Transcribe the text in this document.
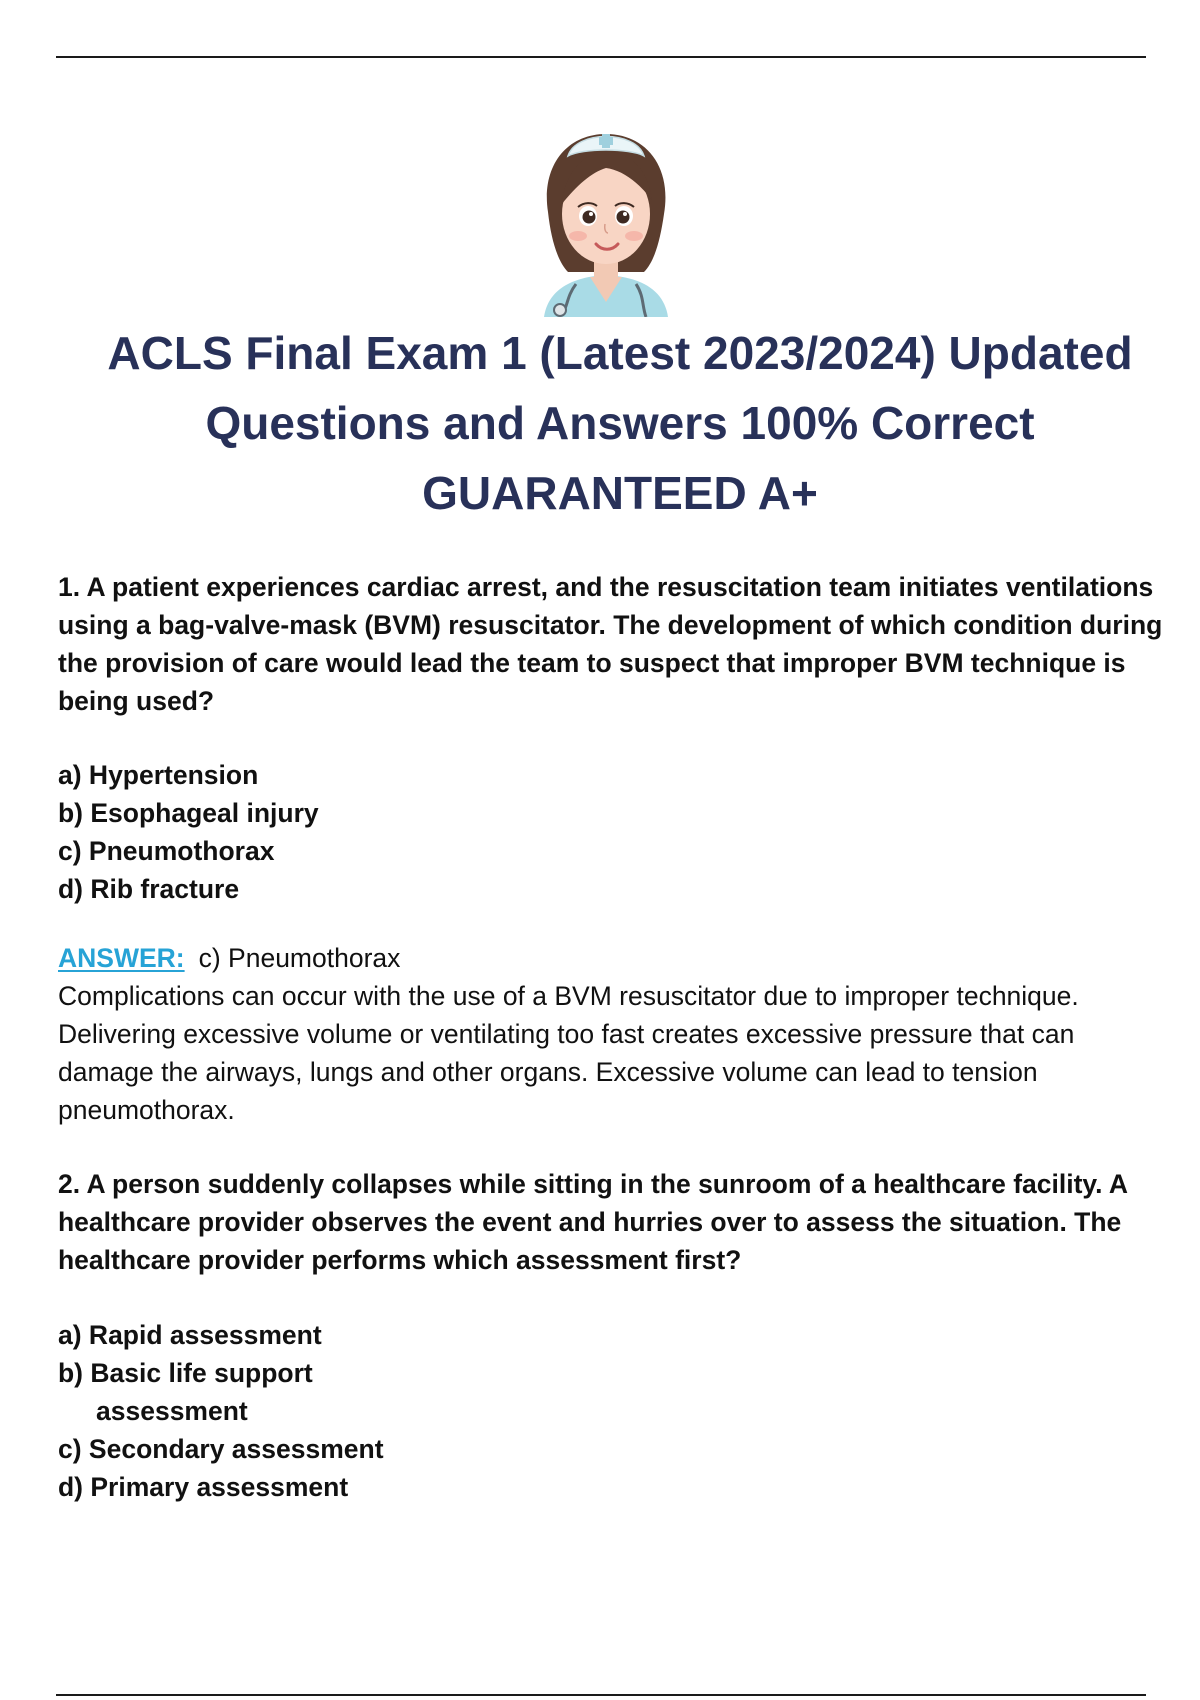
ACLS Final Exam 1 (Latest 2023/2024) Updated
Questions and Answers 100% Correct
GUARANTEED A+

1. A patient experiences cardiac arrest, and the resuscitation team initiates ventilations using a bag-valve-mask (BVM) resuscitator. The development of which condition during the provision of care would lead the team to suspect that improper BVM technique is being used?

a) Hypertension
b) Esophageal injury
c) Pneumothorax
d) Rib fracture
ANSWER: c) Pneumothorax

Complications can occur with the use of a BVM resuscitator due to improper technique. Delivering excessive volume or ventilating too fast creates excessive pressure that can damage the airways, lungs and other organs. Excessive volume can lead to tension pneumothorax.

2. A person suddenly collapses while sitting in the sunroom of a healthcare facility. A healthcare provider observes the event and hurries over to assess the situation. The healthcare provider performs which assessment first?

a) Rapid assessment
b) Basic life support
assessment
c) Secondary assessment
d) Primary assessment
